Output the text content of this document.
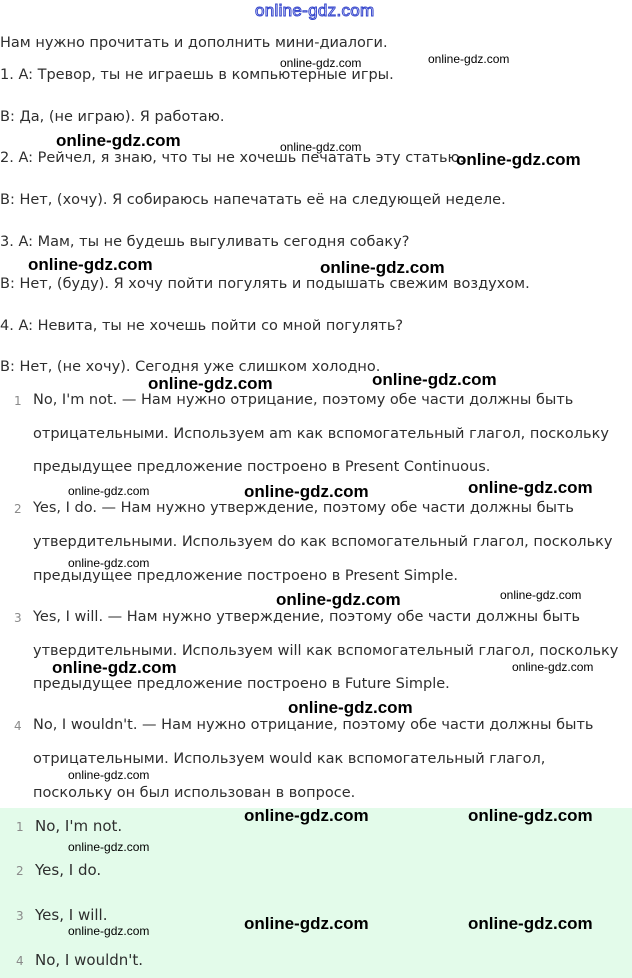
online-gdz.com
Нам нужно прочитать и дополнить мини-диалоги.
1. A: Тревор, ты не играешь в компьютерные игры.
B: Да, (не играю). Я работаю.
2. A: Рейчел, я знаю, что ты не хочешь печатать эту статью.
B: Нет, (хочу). Я собираюсь напечатать её на следующей неделе.
3. A: Мам, ты не будешь выгуливать сегодня собаку?
B: Нет, (буду). Я хочу пойти погулять и подышать свежим воздухом.
4. A: Невита, ты не хочешь пойти со мной погулять?
B: Нет, (не хочу). Сегодня уже слишком холодно.
1 No, I'm not. — Нам нужно отрицание, поэтому обе части должны быть
отрицательными. Используем am как вспомогательный глагол, поскольку
предыдущее предложение построено в Present Continuous.
2 Yes, I do. — Нам нужно утверждение, поэтому обе части должны быть
утвердительными. Используем do как вспомогательный глагол, поскольку
предыдущее предложение построено в Present Simple.
3 Yes, I will. — Нам нужно утверждение, поэтому обе части должны быть
утвердительными. Используем will как вспомогательный глагол, поскольку
предыдущее предложение построено в Future Simple.
4 No, I wouldn't. — Нам нужно отрицание, поэтому обе части должны быть
отрицательными. Используем would как вспомогательный глагол,
поскольку он был использован в вопросе.
1 No, I'm not.
2 Yes, I do.
3 Yes, I will.
4 No, I wouldn't.
online-gdz.com
online-gdz.com
online-gdz.com	online-gdz.com
online-gdz.com
online-gdz.com	online-gdz.com
online-gdz.com	online-gdz.com
online-gdz.com	online-gdz.com	online-gdz.com
online-gdz.com
online-gdz.com
online-gdz.com
online-gdz.com	online-gdz.com
online-gdz.com
online-gdz.com
online-gdz.com	online-gdz.com
online-gdz.com
online-gdz.com	online-gdz.com
online-gdz.com
